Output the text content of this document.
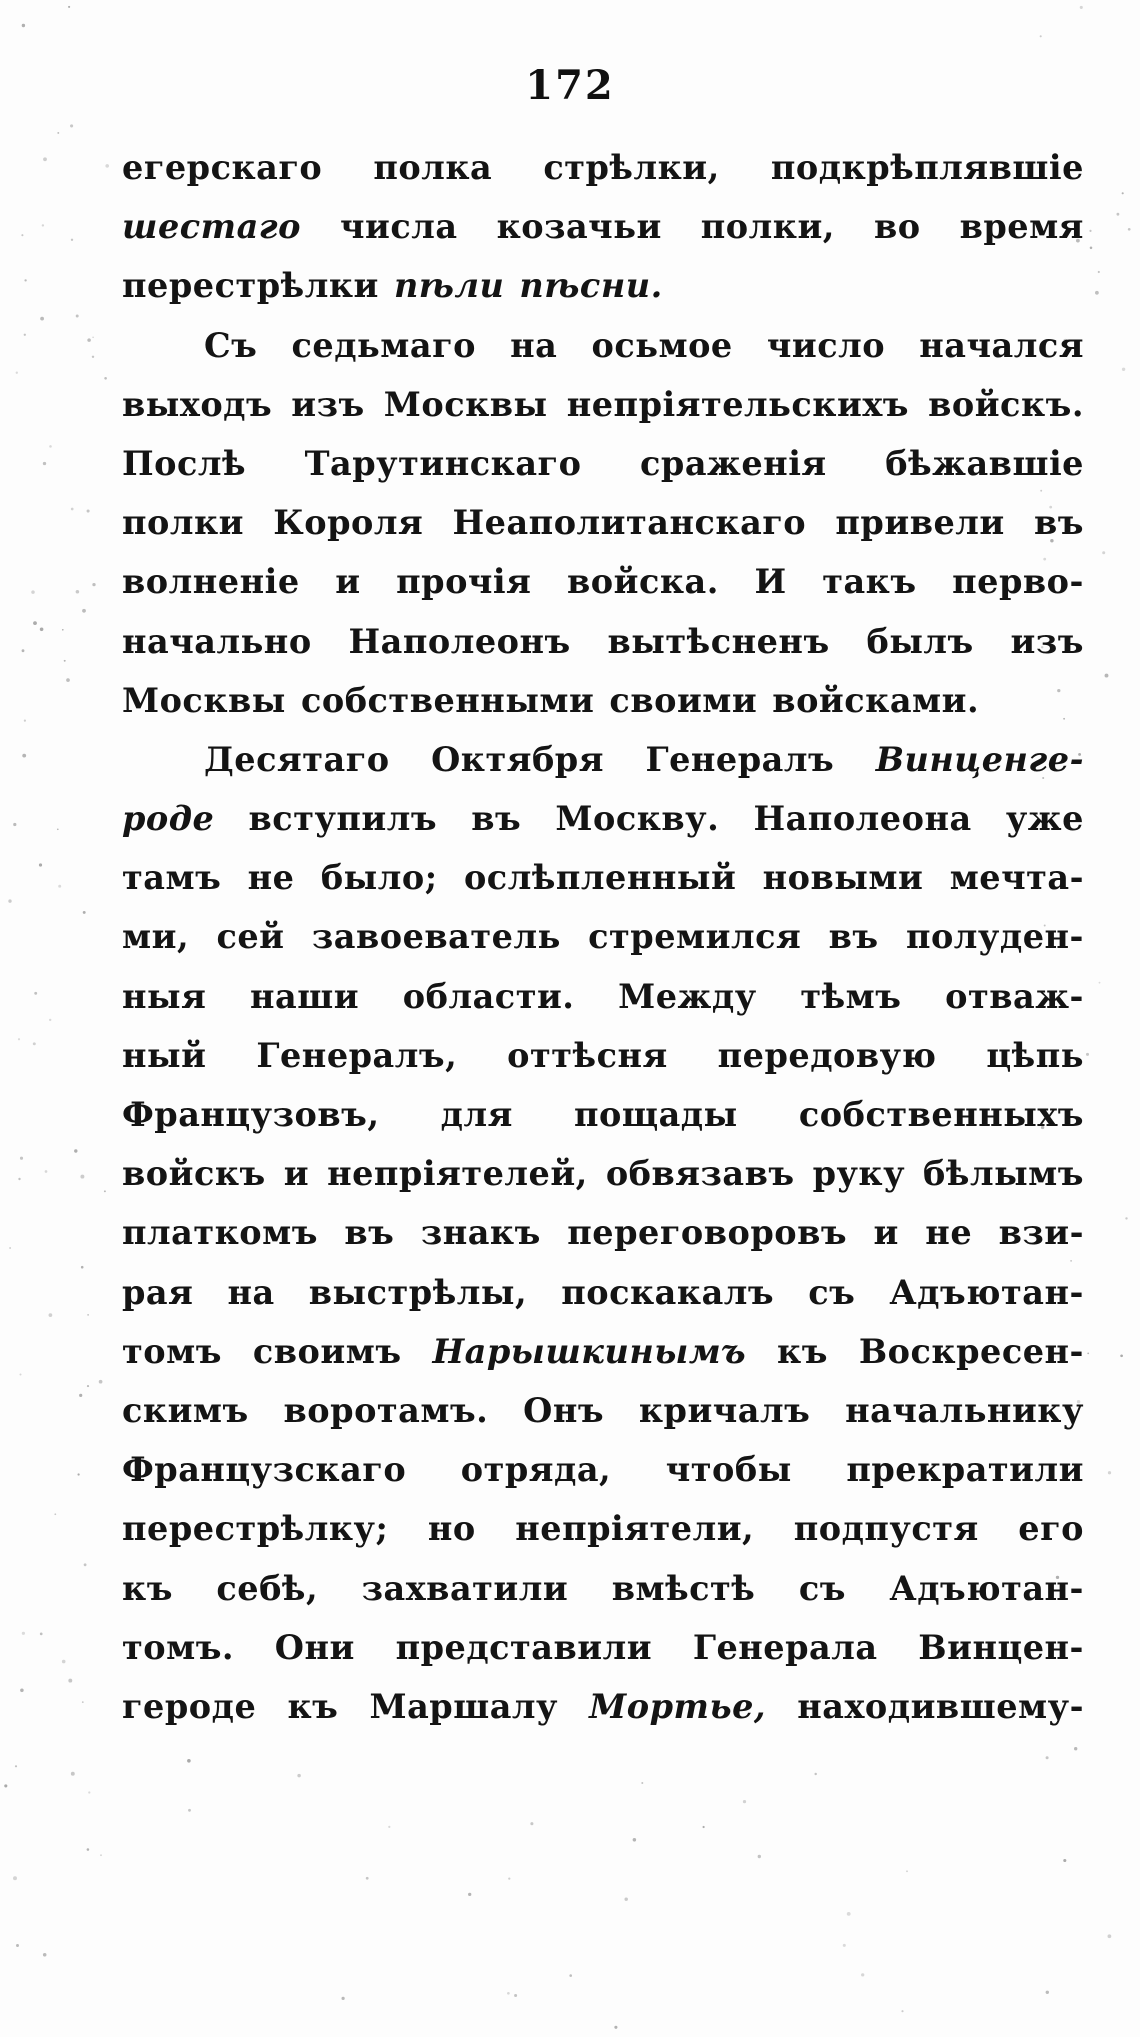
172
егерскаго полка стрѣлки, подкрѣплявшіе
шестаго числа козачьи полки, во время
перестрѣлки пѣли пѣсни.
Съ седьмаго на осьмое число начался
выходъ изъ Москвы непріятельскихъ войскъ.
Послѣ Тарутинскаго сраженія бѣжавшіе
полки Короля Неаполитанскаго привели въ
волненіе и прочія войска. И такъ перво-
начально Наполеонъ вытѣсненъ былъ изъ
Москвы собственными своими войсками.
Десятаго Октября Генералъ Винценге-
роде вступилъ въ Москву. Наполеона уже
тамъ не было; ослѣпленный новыми мечта-
ми, сей завоеватель стремился въ полуден-
ныя наши области. Между тѣмъ отваж-
ный Генералъ, оттѣсня передовую цѣпь
Французовъ, для пощады собственныхъ
войскъ и непріятелей, обвязавъ руку бѣлымъ
платкомъ въ знакъ переговоровъ и не взи-
рая на выстрѣлы, поскакалъ съ Адъютан-
томъ своимъ Нарышкинымъ къ Воскресен-
скимъ воротамъ. Онъ кричалъ начальнику
Французскаго отряда, чтобы прекратили
перестрѣлку; но непріятели, подпустя его
къ себѣ, захватили вмѣстѣ съ Адъютан-
томъ. Они представили Генерала Винцен-
героде къ Маршалу Мортье, находившему-
